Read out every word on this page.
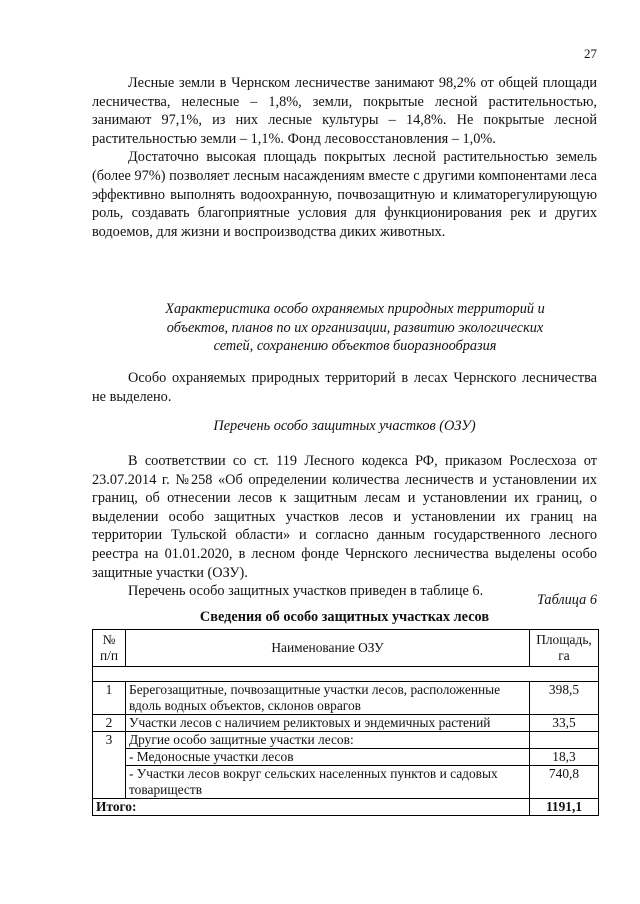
27

Лесные земли в Чернском лесничестве занимают 98,2% от общей площади лесничества, нелесные – 1,8%, земли, покрытые лесной растительностью, занимают 97,1%, из них лесные культуры – 14,8%. Не покрытые лесной растительностью земли – 1,1%. Фонд лесовосстановления – 1,0%.

Достаточно высокая площадь покрытых лесной растительностью земель (более 97%) позволяет лесным насаждениям вместе с другими компонентами леса эффективно выполнять водоохранную, почвозащитную и климаторегулирующую роль, создавать благоприятные условия для функционирования рек и других водоемов, для жизни и воспроизводства диких животных.

Характеристика особо охраняемых природных территорий и
объектов, планов по их организации, развитию экологических
сетей, сохранению объектов биоразнообразия

Особо охраняемых природных территорий в лесах Чернского лесничества не выделено.

Перечень особо защитных участков (ОЗУ)

В соответствии со ст. 119 Лесного кодекса РФ, приказом Рослесхоза от 23.07.2014 г. №258 «Об определении количества лесничеств и установлении их границ, об отнесении лесов к защитным лесам и установлении их границ, о выделении особо защитных участков лесов и установлении их границ на территории Тульской области» и согласно данным государственного лесного реестра на 01.01.2020, в лесном фонде Чернского лесничества выделены особо защитные участки (ОЗУ).

Перечень особо защитных участков приведен в таблице 6.

Таблица 6
Сведения об особо защитных участках лесов
№ п/п	Наименование ОЗУ	Площадь, га

1	Берегозащитные, почвозащитные участки лесов, расположенные вдоль водных объектов, склонов оврагов	398,5
2	Участки лесов с наличием реликтовых и эндемичных растений	33,5
3	Другие особо защитные участки лесов:	
	- Медоносные участки лесов	18,3
	- Участки лесов вокруг сельских населенных пунктов и садовых товариществ	740,8
Итого:		1191,1
